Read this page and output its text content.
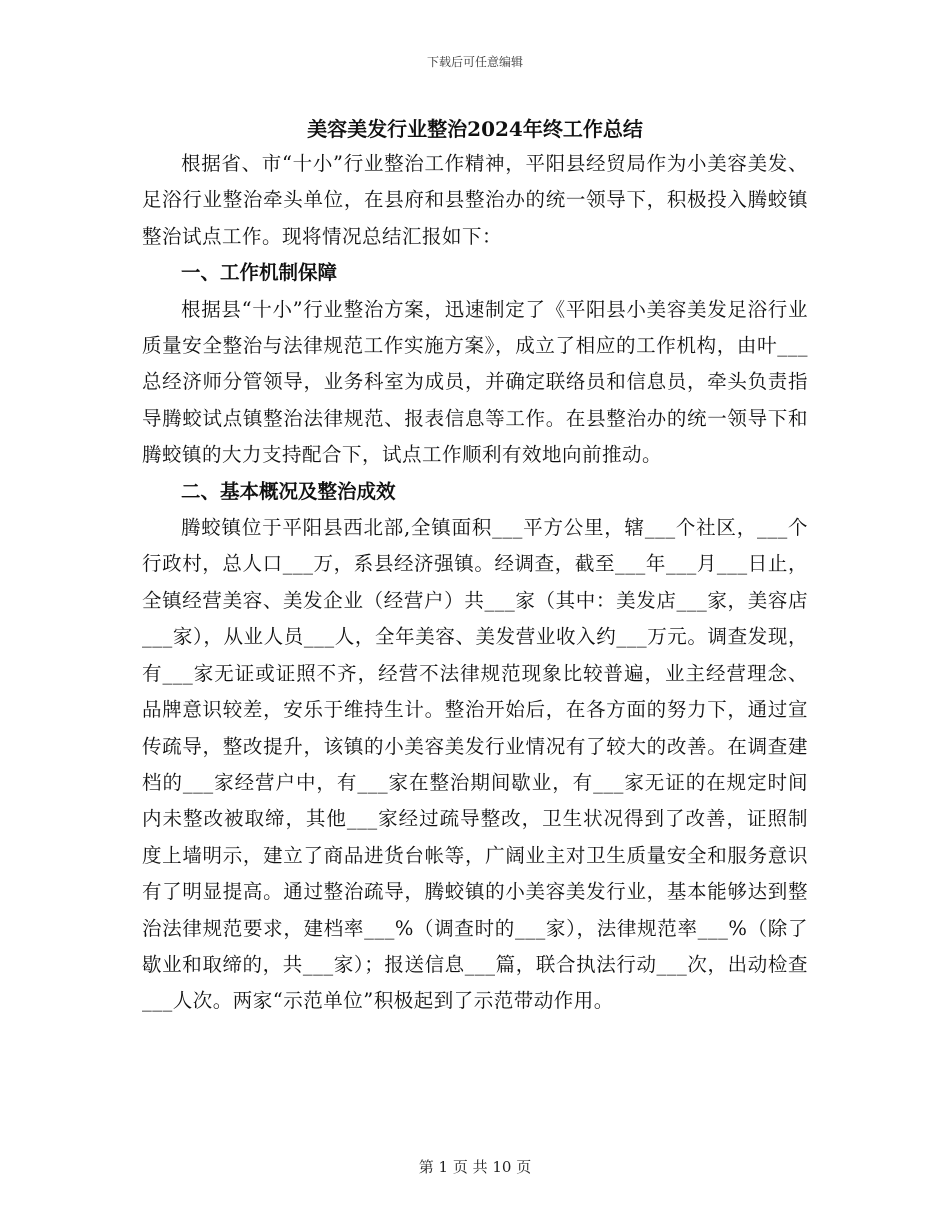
下载后可任意编辑
美容美发行业整治2024年终工作总结

根据省、市“十小”行业整治工作精神，平阳县经贸局作为小美容美发、足浴行业整治牵头单位，在县府和县整治办的统一领导下，积极投入腾蛟镇整治试点工作。现将情况总结汇报如下：

一、工作机制保障

根据县“十小”行业整治方案，迅速制定了《平阳县小美容美发足浴行业质量安全整治与法律规范工作实施方案》，成立了相应的工作机构，由叶___总经济师分管领导，业务科室为成员，并确定联络员和信息员，牵头负责指导腾蛟试点镇整治法律规范、报表信息等工作。在县整治办的统一领导下和腾蛟镇的大力支持配合下，试点工作顺利有效地向前推动。

二、基本概况及整治成效

腾蛟镇位于平阳县西北部,全镇面积___平方公里，辖___个社区，___个行政村，总人口___万，系县经济强镇。经调查，截至___年___月___日止，全镇经营美容、美发企业（经营户）共___家（其中：美发店___家，美容店___家），从业人员___人，全年美容、美发营业收入约___万元。调查发现，有___家无证或证照不齐，经营不法律规范现象比较普遍，业主经营理念、品牌意识较差，安乐于维持生计。整治开始后，在各方面的努力下，通过宣传疏导，整改提升，该镇的小美容美发行业情况有了较大的改善。在调查建档的___家经营户中，有___家在整治期间歇业，有___家无证的在规定时间内未整改被取缔，其他___家经过疏导整改，卫生状况得到了改善，证照制度上墙明示，建立了商品进货台帐等，广阔业主对卫生质量安全和服务意识有了明显提高。通过整治疏导，腾蛟镇的小美容美发行业，基本能够达到整治法律规范要求，建档率___%（调查时的___家），法律规范率___%（除了歇业和取缔的，共___家）；报送信息___篇，联合执法行动___次，出动检查___人次。两家“示范单位”积极起到了示范带动作用。

第 1 页 共 10 页
